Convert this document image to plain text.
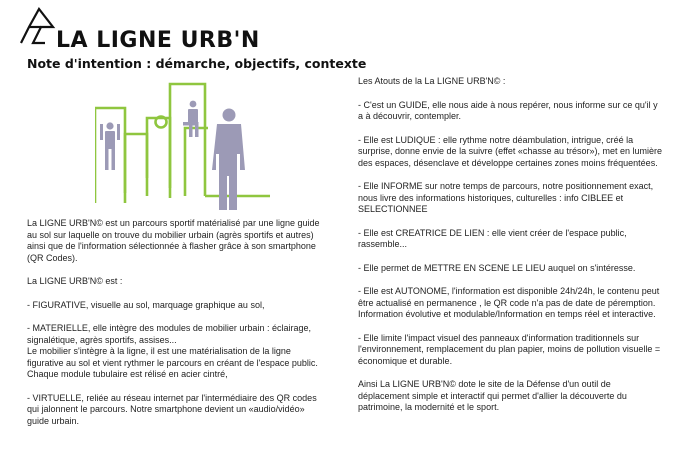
LA LIGNE URB'N
Note d'intention : démarche, objectifs, contexte

La LIGNE URB'N© est un parcours sportif matérialisé par une ligne guide au sol sur laquelle on trouve du mobilier urbain (agrès sportifs et autres) ainsi que de l'information sélectionnée à flasher grâce à son smartphone (QR Codes).

La LIGNE URB'N© est :

- FIGURATIVE, visuelle au sol, marquage graphique au sol,

- MATERIELLE, elle intègre des modules de mobilier urbain : éclairage, signalétique, agrès sportifs, assises...

Le mobilier s'intègre à la ligne, il est une matérialisation de la ligne figurative au sol et vient rythmer le parcours en créant de l'espace public. Chaque module tubulaire est rélisé en acier cintré,

- VIRTUELLE, reliée au réseau internet par l'intermédiaire des QR codes qui jalonnent le parcours. Notre smartphone devient un «audio/vidéo» guide urbain.

Les Atouts de la La LIGNE URB'N© :

- C'est un GUIDE, elle nous aide à nous repérer, nous informe sur ce qu'il y a à découvrir, contempler.

- Elle est LUDIQUE : elle rythme notre déambulation, intrigue, créé la surprise, donne envie de la suivre (effet «chasse au trésor»), met en lumière des espaces, désenclave et développe certaines zones moins fréquentées.

- Elle INFORME sur notre temps de parcours, notre positionnement exact, nous livre des informations historiques, culturelles : info CIBLEE et SELECTIONNEE

- Elle est CREATRICE DE LIEN : elle vient créer de l'espace public, rassemble...

- Elle permet de METTRE EN SCENE LE LIEU auquel on s'intéresse.

- Elle est AUTONOME, l'information est disponible 24h/24h, le contenu peut être actualisé en permanence , le QR code n'a pas de date de péremption. Information évolutive et modulable/Information en temps réel et interactive.

- Elle limite l'impact visuel des panneaux d'information traditionnels sur l'environnement, remplacement du plan papier, moins de pollution visuelle = économique et durable.

Ainsi La LIGNE URB'N© dote le site de la Défense d'un outil de déplacement simple et interactif qui permet d'allier la découverte du patrimoine, la modernité et le sport.
